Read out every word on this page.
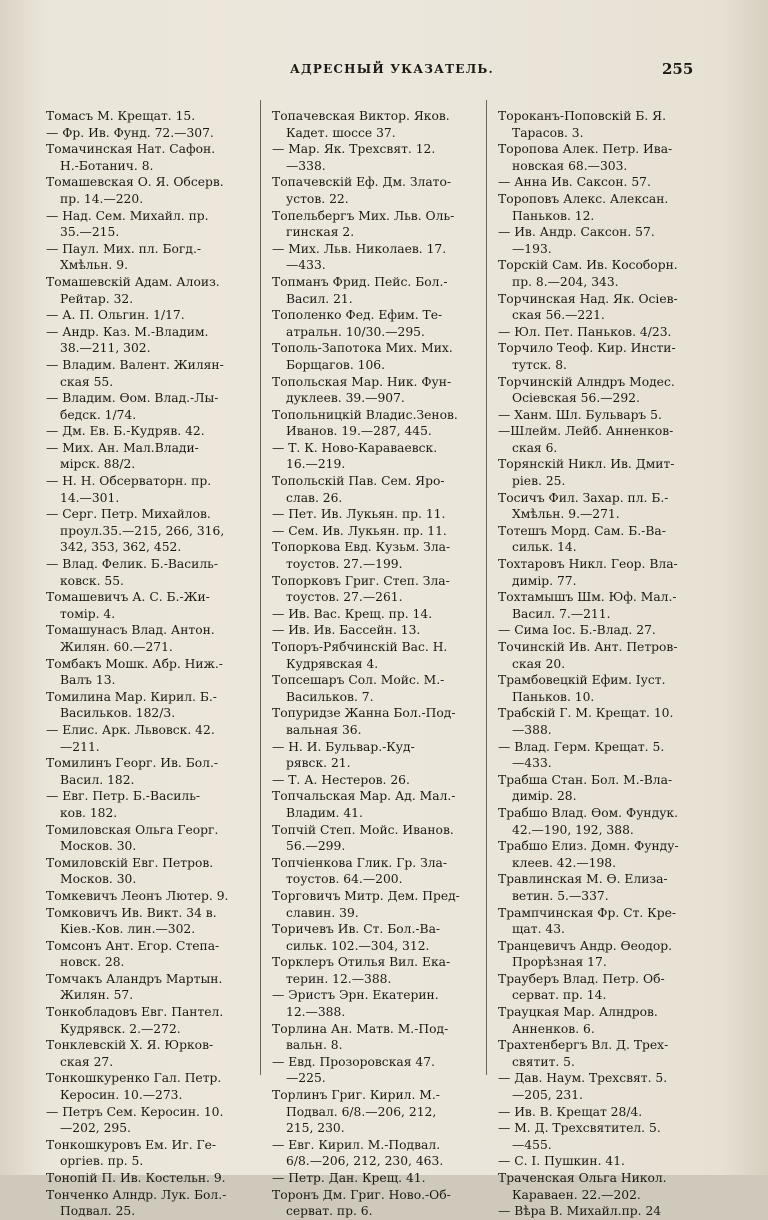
АДРЕСНЫЙ УКАЗАТЕЛЬ.	255
Томасъ М. Крещат. 15.
— Фр. Ив. Фунд. 72.—307.
Томачинская Нат. Сафон.
Н.-Ботанич. 8.
Томашевская О. Я. Обсерв.
пр. 14.—220.
— Над. Сем. Михайл. пр.
35.—215.
— Паул. Мих. пл. Богд.-
Хмѣльн. 9.
Томашевскій Адам. Алоиз.
Рейтар. 32.
— А. П. Ольгин. 1/17.
— Андр. Каз. М.-Владим.
38.—211, 302.
— Владим. Валент. Жилян-
ская 55.
— Владим. Ѳом. Влад.-Лы-
бедск. 1/74.
— Дм. Ев. Б.-Кудряв. 42.
— Мих. Ан. Мал.Влади-
мірск. 88/2.
— Н. Н. Обсерваторн. пр.
14.—301.
— Серг. Петр. Михайлов.
проул.35.—215, 266, 316,
342, 353, 362, 452.
— Влад. Фелик. Б.-Василь-
ковск. 55.
Томашевичъ А. С. Б.-Жи-
томір. 4.
Томашунасъ Влад. Антон.
Жилян. 60.—271.
Томбакъ Мошк. Абр. Ниж.-
Валъ 13.
Томилина Мар. Кирил. Б.-
Васильков. 182/3.
— Елис. Арк. Львовск. 42.
—211.
Томилинъ Георг. Ив. Бол.-
Васил. 182.
— Евг. Петр. Б.-Василь-
ков. 182.
Томиловская Ольга Георг.
Москов. 30.
Томиловскій Евг. Петров.
Москов. 30.
Томкевичъ Леонъ Лютер. 9.
Томковичъ Ив. Викт. 34 в.
Кіев.-Ков. лин.—302.
Томсонъ Ант. Егор. Степа-
новск. 28.
Томчакъ Аландръ Мартын.
Жилян. 57.
Тонкобладовъ Евг. Пантел.
Кудрявск. 2.—272.
Тонклевскій Х. Я. Юрков-
ская 27.
Тонкошкуренко Гал. Петр.
Керосин. 10.—273.
— Петръ Сем. Керосин. 10.
—202, 295.
Тонкошкуровъ Ем. Иг. Ге-
оргіев. пр. 5.
Тонопій П. Ив. Костельн. 9.
Тонченко Алндр. Лук. Бол.-
Подвал. 25.
Топачевская Виктор. Яков.
Кадет. шоссе 37.
— Мар. Як. Трехсвят. 12.
—338.
Топачевскій Еф. Дм. Злато-
устов. 22.
Топельбергъ Мих. Льв. Оль-
гинская 2.
— Мих. Льв. Николаев. 17.
—433.
Топманъ Фрид. Пейс. Бол.-
Васил. 21.
Тополенко Фед. Ефим. Те-
атральн. 10/30.—295.
Тополь-Запотока Мих. Мих.
Борщагов. 106.
Топольская Мар. Ник. Фун-
дуклеев. 39.—907.
Топольницкій Владис.Зенов.
Иванов. 19.—287, 445.
— Т. К. Ново-Караваевск.
16.—219.
Топольскій Пав. Сем. Яро-
слав. 26.
— Пет. Ив. Лукьян. пр. 11.
— Сем. Ив. Лукьян. пр. 11.
Топоркова Евд. Кузьм. Зла-
тоустов. 27.—199.
Топорковъ Григ. Степ. Зла-
тоустов. 27.—261.
— Ив. Вас. Крещ. пр. 14.
— Ив. Ив. Бассейн. 13.
Топоръ-Рябчинскій Вас. Н.
Кудрявская 4.
Топсешаръ Сол. Мойс. М.-
Васильков. 7.
Топуридзе Жанна Бол.-Под-
вальная 36.
— Н. И. Бульвар.-Куд-
рявск. 21.
— Т. А. Нестеров. 26.
Топчальская Мар. Ад. Мал.-
Владим. 41.
Топчій Степ. Мойс. Иванов.
56.—299.
Топчіенкова Глик. Гр. Зла-
тоустов. 64.—200.
Торговичъ Митр. Дем. Пред-
славин. 39.
Торичевъ Ив. Ст. Бол.-Ва-
сильк. 102.—304, 312.
Торклеръ Отилья Вил. Ека-
терин. 12.—388.
— Эристъ Эрн. Екатерин.
12.—388.
Торлина Ан. Матв. М.-Под-
вальн. 8.
— Евд. Прозоровская 47.
—225.
Торлинъ Григ. Кирил. М.-
Подвал. 6/8.—206, 212,
215, 230.
— Евг. Кирил. М.-Подвал.
6/8.—206, 212, 230, 463.
— Петр. Дан. Крещ. 41.
Торонъ Дм. Григ. Ново.-Об-
серват. пр. 6.
Тороканъ-Поповскій Б. Я.
Тарасов. 3.
Торопова Алек. Петр. Ива-
новская 68.—303.
— Анна Ив. Саксон. 57.
Тороповъ Алекс. Алексан.
Паньков. 12.
— Ив. Андр. Саксон. 57.
—193.
Торскій Сам. Ив. Кособорн.
пр. 8.—204, 343.
Торчинская Над. Як. Осіев-
ская 56.—221.
— Юл. Пет. Паньков. 4/23.
Торчило Теоф. Кир. Инсти-
тутск. 8.
Торчинскій Алндръ Модес.
Осіевская 56.—292.
— Ханм. Шл. Бульваръ 5.
—Шлейм. Лейб. Анненков-
ская 6.
Торянскій Никл. Ив. Дмит-
ріев. 25.
Тосичъ Фил. Захар. пл. Б.-
Хмѣльн. 9.—271.
Тотешъ Морд. Сам. Б.-Ва-
сильк. 14.
Тохтаровъ Никл. Геор. Вла-
димір. 77.
Тохтамышъ Шм. Юф. Мал.-
Васил. 7.—211.
— Сима Іос. Б.-Влад. 27.
Точинскій Ив. Ант. Петров-
ская 20.
Трамбовецкій Ефим. Іуст.
Паньков. 10.
Трабскій Г. М. Крещат. 10.
—388.
— Влад. Герм. Крещат. 5.
—433.
Трабша Стан. Бол. М.-Вла-
димір. 28.
Трабшо Влад. Ѳом. Фундук.
42.—190, 192, 388.
Трабшо Елиз. Домн. Фунду-
клеев. 42.—198.
Травлинская М. Ѳ. Елиза-
ветин. 5.—337.
Трампчинская Фр. Ст. Кре-
щат. 43.
Транцевичъ Андр. Ѳеодор.
Прорѣзная 17.
Трауберъ Влад. Петр. Об-
серват. пр. 14.
Трауцкая Мар. Алндров.
Анненков. 6.
Трахтенбергъ Вл. Д. Трех-
святит. 5.
— Дав. Наум. Трехсвят. 5.
—205, 231.
— Ив. В. Крещат 28/4.
— М. Д. Трехсвятител. 5.
—455.
— С. І. Пушкин. 41.
Траченская Ольга Никол.
Караваен. 22.—202.
— Вѣра В. Михайл.пр. 24
